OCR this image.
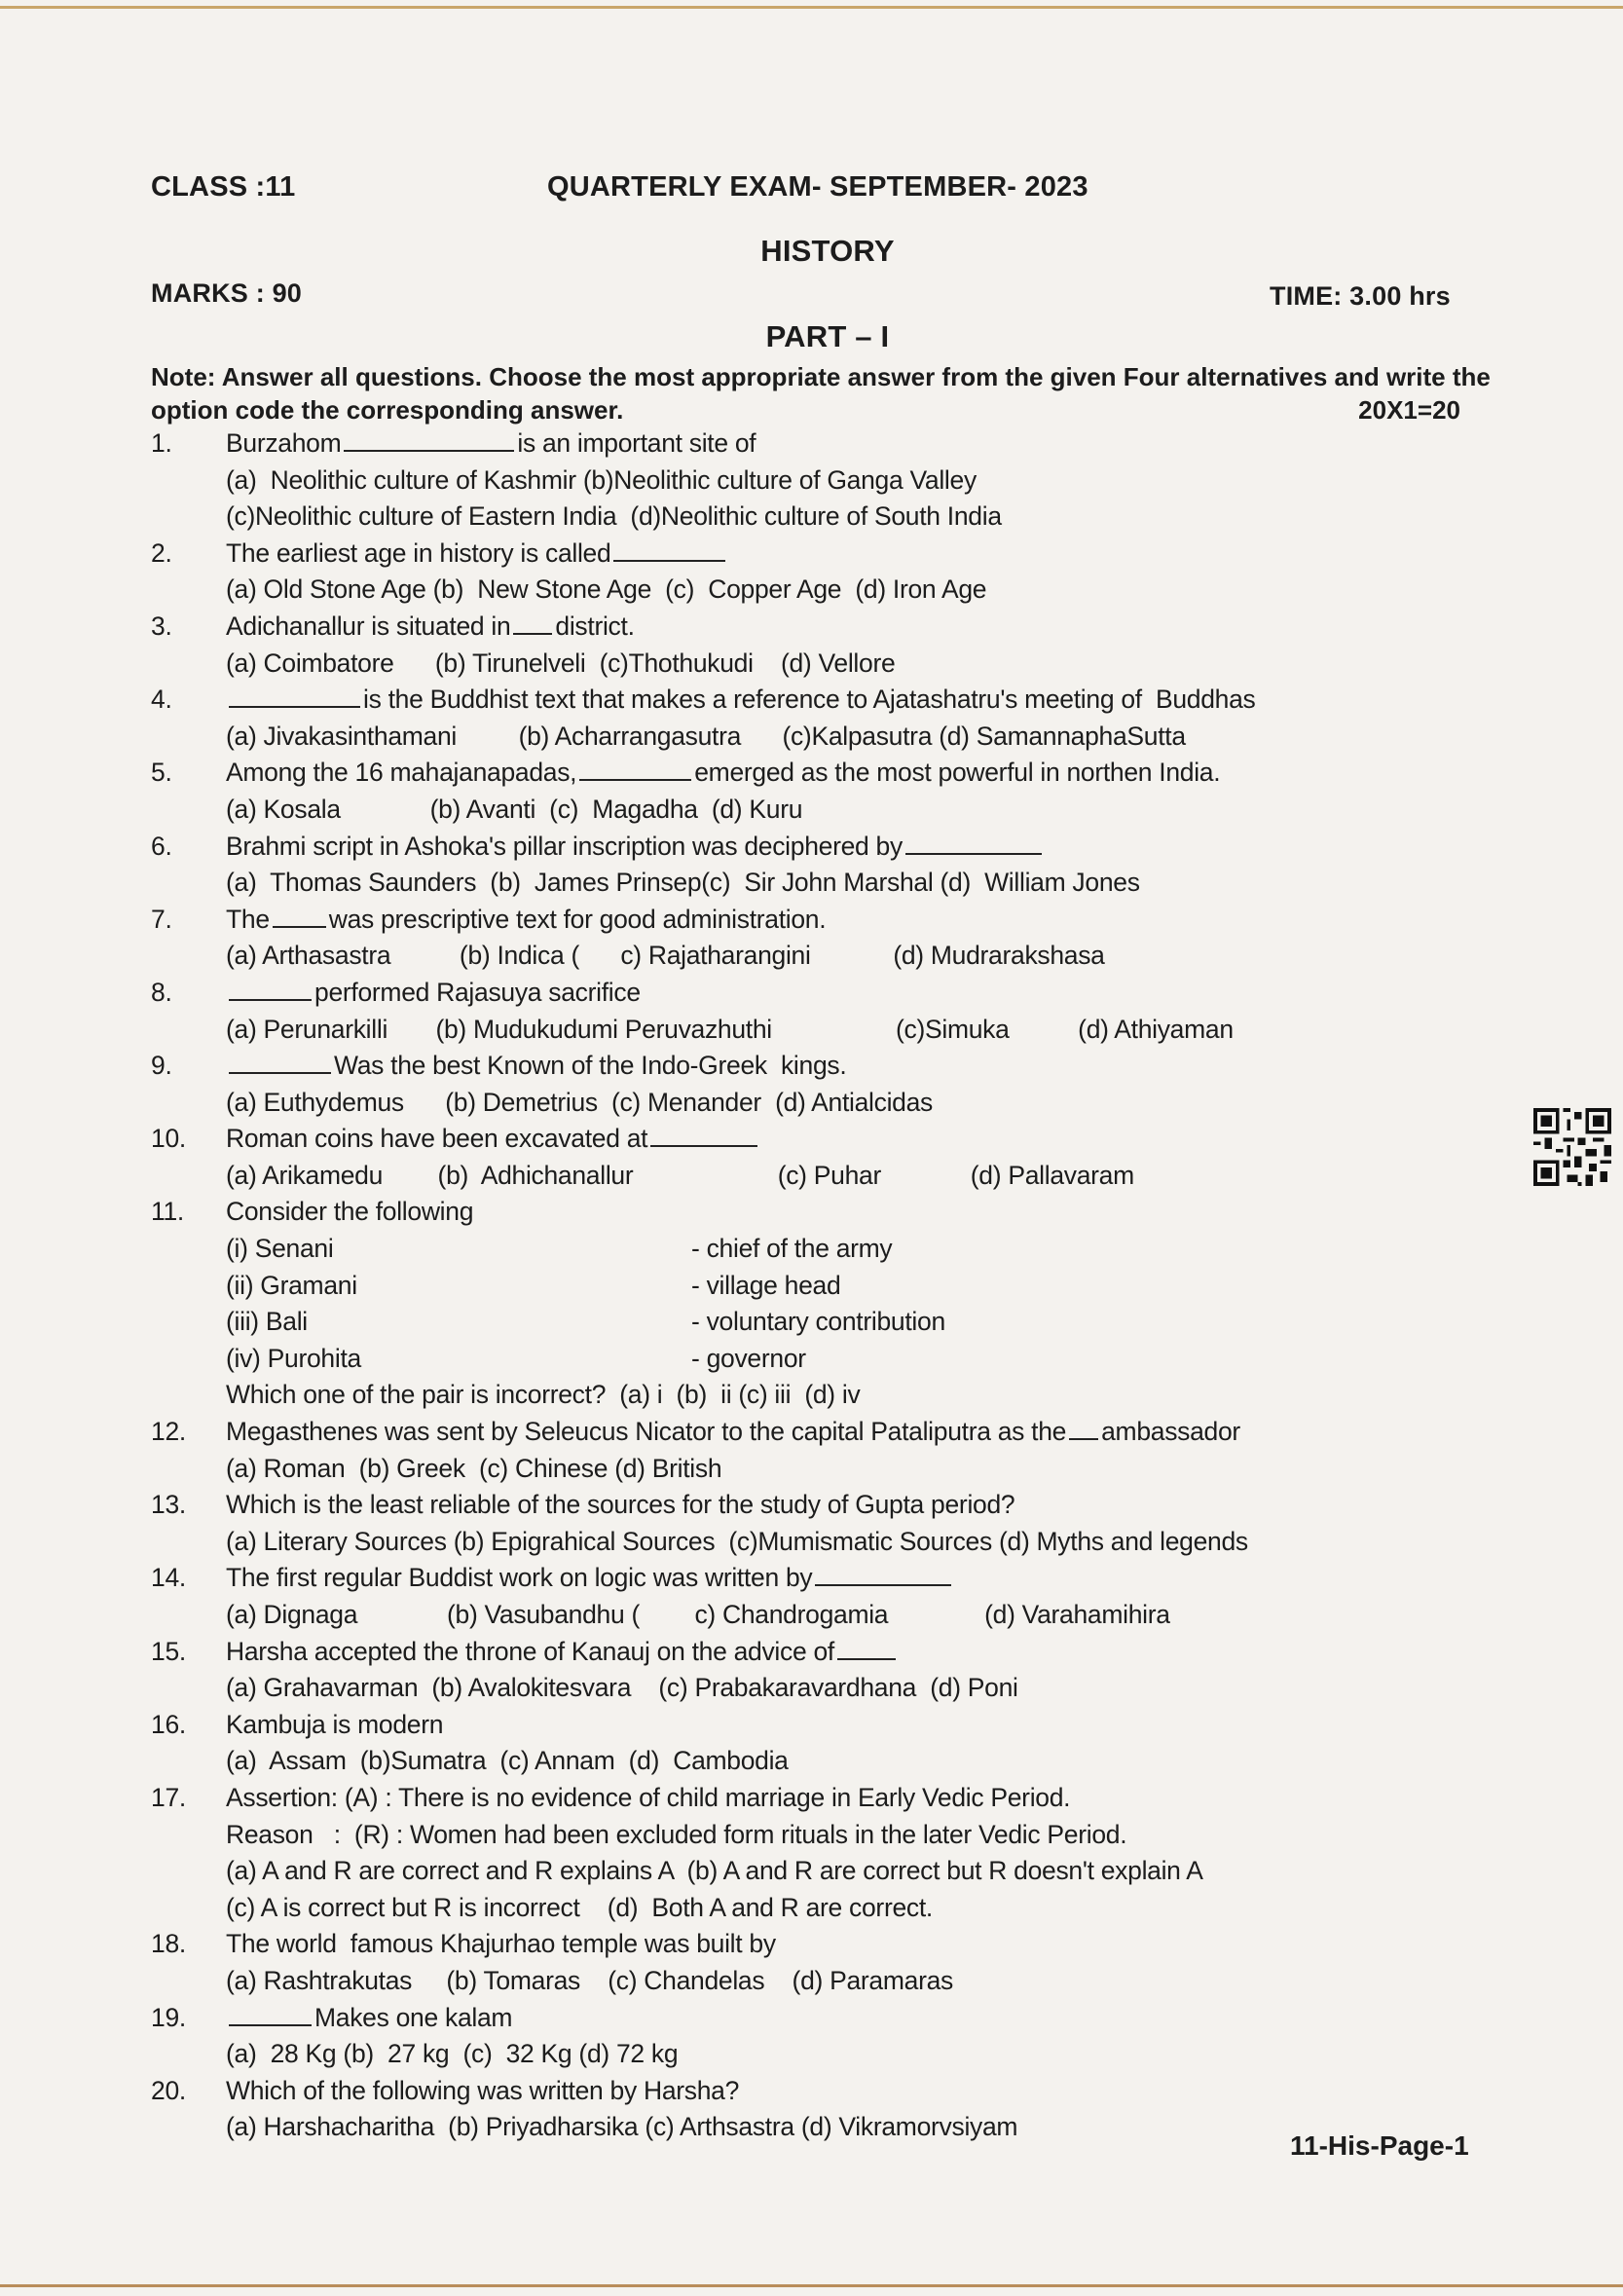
CLASS :11	QUARTERLY EXAM- SEPTEMBER- 2023
HISTORY
MARKS : 90	TIME: 3.00 hrs
PART – I
Note: Answer all questions. Choose the most appropriate answer from the given Four alternatives and write the option code the corresponding answer.	20X1=20
1.	Burzahom	is an important site of
(a)  Neolithic culture of Kashmir (b)Neolithic culture of Ganga Valley
(c)Neolithic culture of Eastern India  (d)Neolithic culture of South India
2.	The earliest age in history is called
(a) Old Stone Age (b)  New Stone Age  (c)  Copper Age  (d) Iron Age
3.	Adichanallur is situated in district.
(a) Coimbatore      (b) Tirunelveli  (c)Thothukudi    (d) Vellore
4.	is the Buddhist text that makes a reference to Ajatashatru's meeting of  Buddhas
(a) Jivakasinthamani         (b) Acharrangasutra      (c)Kalpasutra (d) SamannaphaSutta
5.	Among the 16 mahajanapadas,	emerged as the most powerful in northen India.
(a) Kosala             (b) Avanti  (c)  Magadha  (d) Kuru
6.	Brahmi script in Ashoka's pillar inscription was deciphered by
(a)  Thomas Saunders  (b)  James Prinsep(c)  Sir John Marshal (d)  William Jones
7.	The was prescriptive text for good administration.
(a) Arthasastra          (b) Indica (      c) Rajatharangini            (d) Mudrarakshasa
8.	performed Rajasuya sacrifice
(a) Perunarkilli       (b) Mudukudumi Peruvazhuthi                  (c)Simuka          (d) Athiyaman
9.	Was the best Known of the Indo-Greek  kings.
(a) Euthydemus      (b) Demetrius  (c) Menander  (d) Antialcidas
10.	Roman coins have been excavated at
(a) Arikamedu        (b)  Adhichanallur                     (c) Puhar             (d) Pallavaram
11.	Consider the following
(i) Senani	- chief of the army
(ii) Gramani	- village head
(iii) Bali	- voluntary contribution
(iv) Purohita	- governor
Which one of the pair is incorrect?  (a) i  (b)  ii (c) iii  (d) iv
12.	Megasthenes was sent by Seleucus Nicator to the capital Pataliputra as the ambassador
(a) Roman  (b) Greek  (c) Chinese (d) British
13.	Which is the least reliable of the sources for the study of Gupta period?
(a) Literary Sources (b) Epigrahical Sources  (c)Mumismatic Sources (d) Myths and legends
14.	The first regular Buddist work on logic was written by
(a) Dignaga             (b) Vasubandhu (        c) Chandrogamia              (d) Varahamihira
15.	Harsha accepted the throne of Kanauj on the advice of
(a) Grahavarman  (b) Avalokitesvara    (c) Prabakaravardhana  (d) Poni
16.	Kambuja is modern
(a)  Assam  (b)Sumatra  (c) Annam  (d)  Cambodia
17.	Assertion: (A) : There is no evidence of child marriage in Early Vedic Period.
Reason   :  (R) : Women had been excluded form rituals in the later Vedic Period.
(a) A and R are correct and R explains A  (b) A and R are correct but R doesn't explain A
(c) A is correct but R is incorrect    (d)  Both A and R are correct.
18.	The world  famous Khajurhao temple was built by
(a) Rashtrakutas     (b) Tomaras    (c) Chandelas    (d) Paramaras
19.	Makes one kalam
(a)  28 Kg (b)  27 kg  (c)  32 Kg (d) 72 kg
20.	Which of the following was written by Harsha?
(a) Harshacharitha  (b) Priyadharsika (c) Arthsastra (d) Vikramorvsiyam
11-His-Page-1
